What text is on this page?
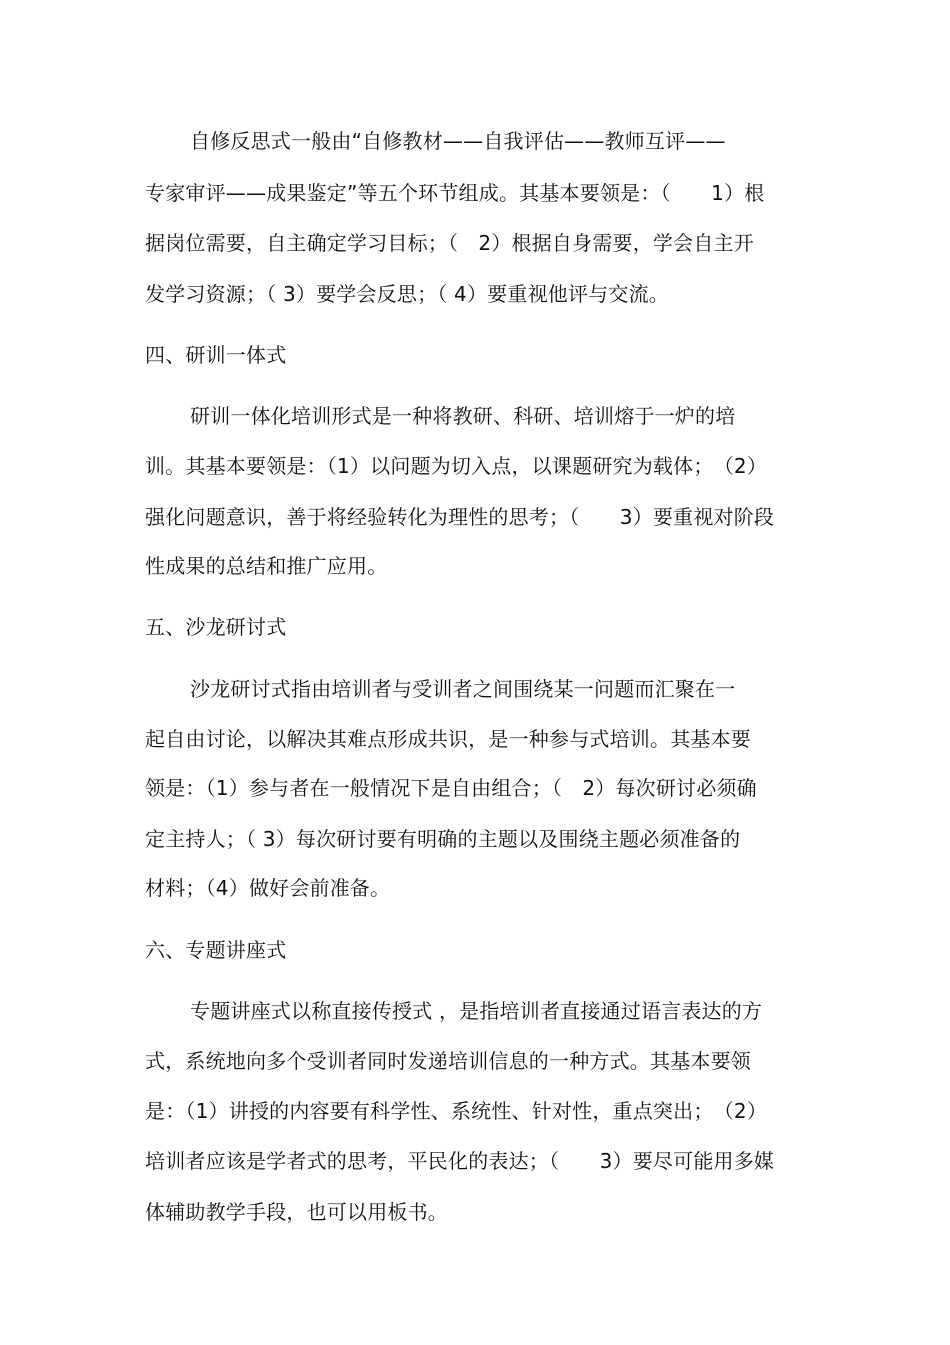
自修反思式一般由“自修教材——自我评估——教师互评——
专家审评——成果鉴定”等五个环节组成。其基本要领是：（　　1）根
据岗位需要，自主确定学习目标；（　2）根据自身需要，学会自主开
发学习资源；（ 3）要学会反思；（ 4）要重视他评与交流。
四、研训一体式
研训一体化培训形式是一种将教研、科研、培训熔于一炉的培
训。其基本要领是：（1）以问题为切入点，以课题研究为载体；　（2）
强化问题意识，善于将经验转化为理性的思考；（　　3）要重视对阶段
性成果的总结和推广应用。
五、沙龙研讨式
沙龙研讨式指由培训者与受训者之间围绕某一问题而汇聚在一
起自由讨论，以解决其难点形成共识，是一种参与式培训。其基本要
领是：（1）参与者在一般情况下是自由组合；（　2）每次研讨必须确
定主持人；（ 3）每次研讨要有明确的主题以及围绕主题必须准备的
材料；（4）做好会前准备。
六、专题讲座式
专题讲座式以称直接传授式 ，是指培训者直接通过语言表达的方
式，系统地向多个受训者同时发递培训信息的一种方式。其基本要领
是：（1）讲授的内容要有科学性、系统性、针对性，重点突出；　（2）
培训者应该是学者式的思考，平民化的表达；（　　3）要尽可能用多媒
体辅助教学手段，也可以用板书。
